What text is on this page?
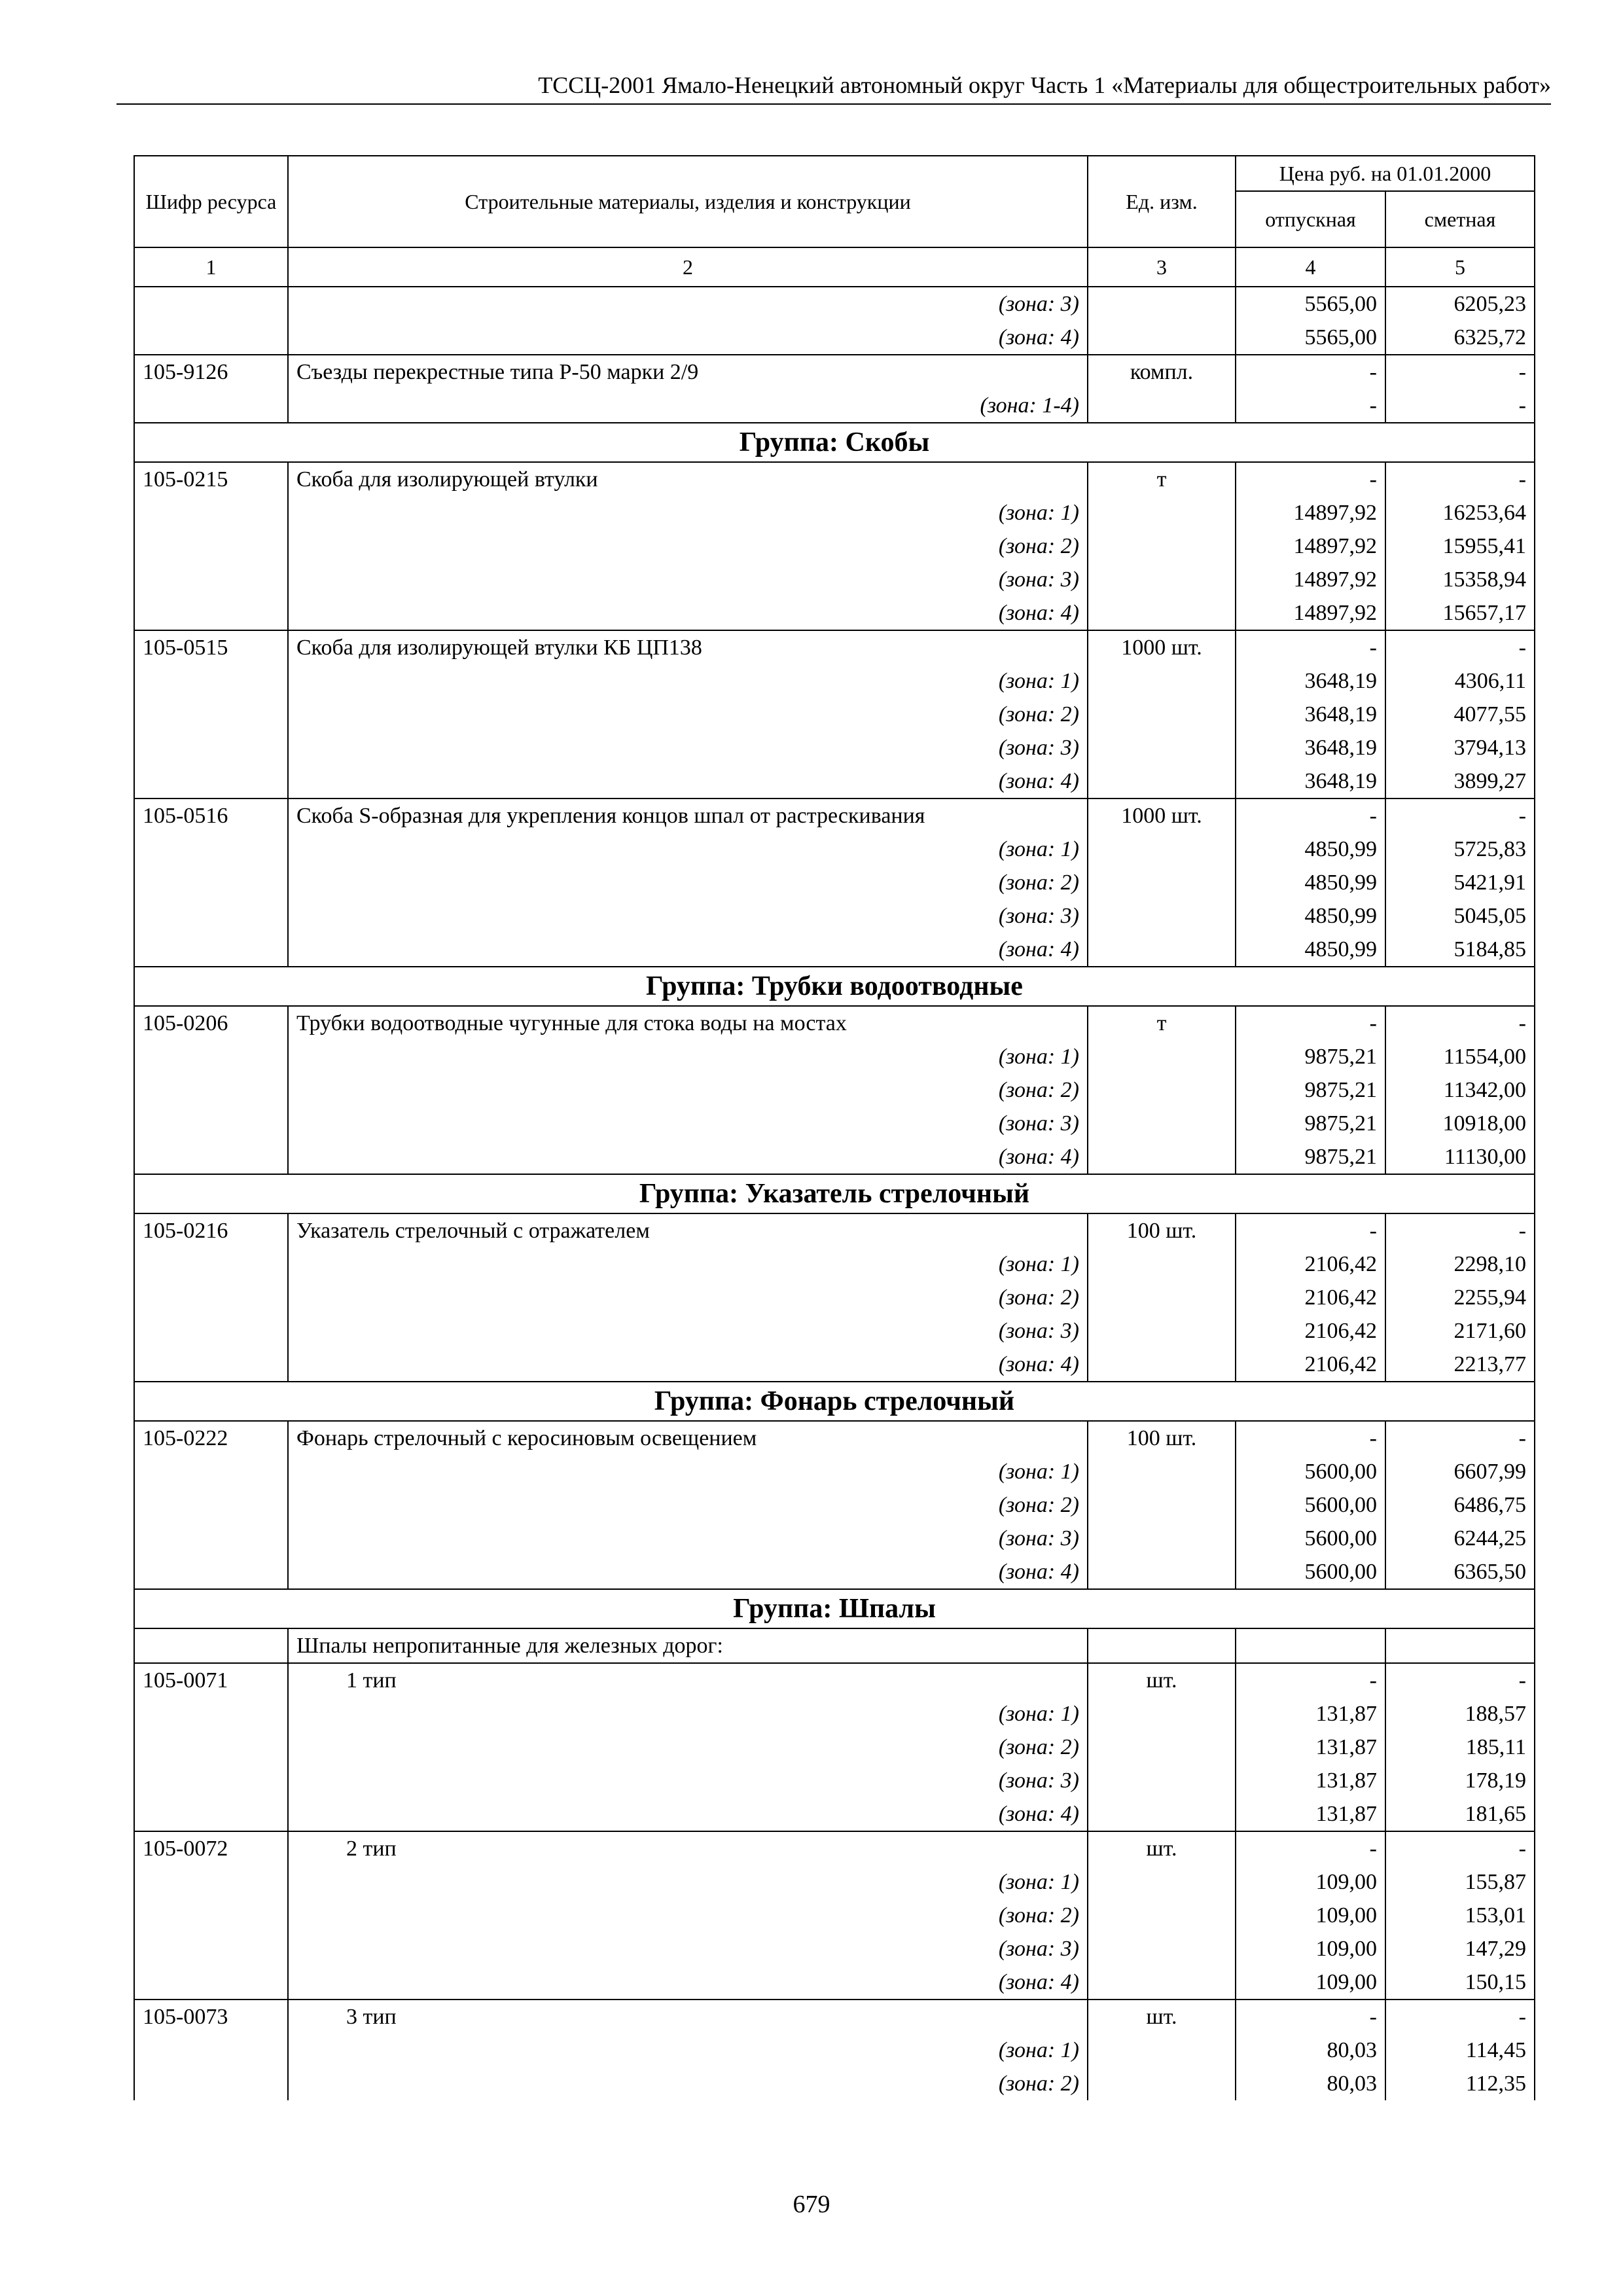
ТССЦ-2001 Ямало-Ненецкий автономный округ Часть 1 «Материалы для общестроительных работ»
Шифр ресурса	Строительные материалы, изделия и конструкции	Ед. изм.	Цена руб. на 01.01.2000	
			отпускная	сметная
1	2	3	4	5
	(зона: 3)		5565,00	6205,23
	(зона: 4)		5565,00	6325,72
105-9126	Съезды перекрестные типа Р-50 марки 2/9	компл.	-	-
	(зона: 1-4)		-	-
Группа: Скобы				
105-0215	Скоба для изолирующей втулки	т	-	-
	(зона: 1)		14897,92	16253,64
	(зона: 2)		14897,92	15955,41
	(зона: 3)		14897,92	15358,94
	(зона: 4)		14897,92	15657,17
105-0515	Скоба для изолирующей втулки КБ ЦП138	1000 шт.	-	-
	(зона: 1)		3648,19	4306,11
	(зона: 2)		3648,19	4077,55
	(зона: 3)		3648,19	3794,13
	(зона: 4)		3648,19	3899,27
105-0516	Скоба S-образная для укрепления концов шпал от растрескивания	1000 шт.	-	-
	(зона: 1)		4850,99	5725,83
	(зона: 2)		4850,99	5421,91
	(зона: 3)		4850,99	5045,05
	(зона: 4)		4850,99	5184,85
Группа: Трубки водоотводные				
105-0206	Трубки водоотводные чугунные для стока воды на мостах	т	-	-
	(зона: 1)		9875,21	11554,00
	(зона: 2)		9875,21	11342,00
	(зона: 3)		9875,21	10918,00
	(зона: 4)		9875,21	11130,00
Группа: Указатель стрелочный				
105-0216	Указатель стрелочный с отражателем	100 шт.	-	-
	(зона: 1)		2106,42	2298,10
	(зона: 2)		2106,42	2255,94
	(зона: 3)		2106,42	2171,60
	(зона: 4)		2106,42	2213,77
Группа: Фонарь стрелочный				
105-0222	Фонарь стрелочный с керосиновым освещением	100 шт.	-	-
	(зона: 1)		5600,00	6607,99
	(зона: 2)		5600,00	6486,75
	(зона: 3)		5600,00	6244,25
	(зона: 4)		5600,00	6365,50
Группа: Шпалы				
	Шпалы непропитанные для железных дорог:			
105-0071	1 тип	шт.	-	-
	(зона: 1)		131,87	188,57
	(зона: 2)		131,87	185,11
	(зона: 3)		131,87	178,19
	(зона: 4)		131,87	181,65
105-0072	2 тип	шт.	-	-
	(зона: 1)		109,00	155,87
	(зона: 2)		109,00	153,01
	(зона: 3)		109,00	147,29
	(зона: 4)		109,00	150,15
105-0073	3 тип	шт.	-	-
	(зона: 1)		80,03	114,45
	(зона: 2)		80,03	112,35
679
